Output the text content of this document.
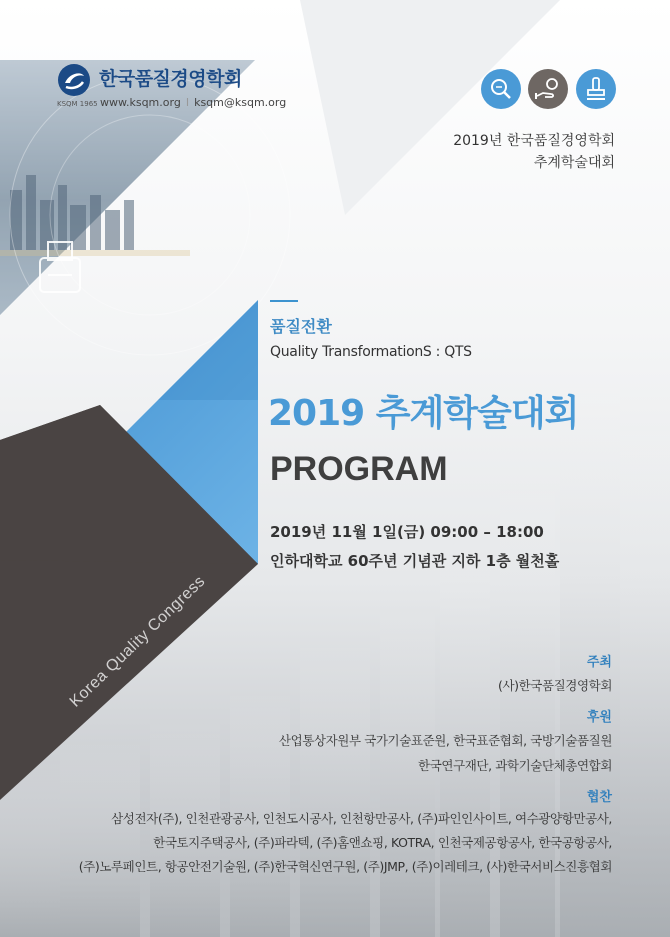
한국품질경영학회
KSQM 1965 www.ksqm.org I ksqm@ksqm.org
2019년 한국품질경영학회
추계학술대회
품질전환
Quality TransformationS : QTS
2019 추계학술대회
PROGRAM
2019년 11월 1일(금) 09:00 – 18:00
인하대학교 60주년 기념관 지하 1층 월천홀
Korea Quality Congress	주최
(사)한국품질경영학회
후원
산업통상자원부 국가기술표준원, 한국표준협회, 국방기술품질원
한국연구재단, 과학기술단체총연합회
협찬
삼성전자(주), 인천관광공사, 인천도시공사, 인천항만공사, (주)파인인사이트, 여수광양항만공사,
한국토지주택공사, (주)파라텍, (주)홈앤쇼핑, KOTRA, 인천국제공항공사, 한국공항공사,
(주)노루페인트, 항공안전기술원, (주)한국혁신연구원, (주)JMP, (주)이레테크, (사)한국서비스진흥협회
